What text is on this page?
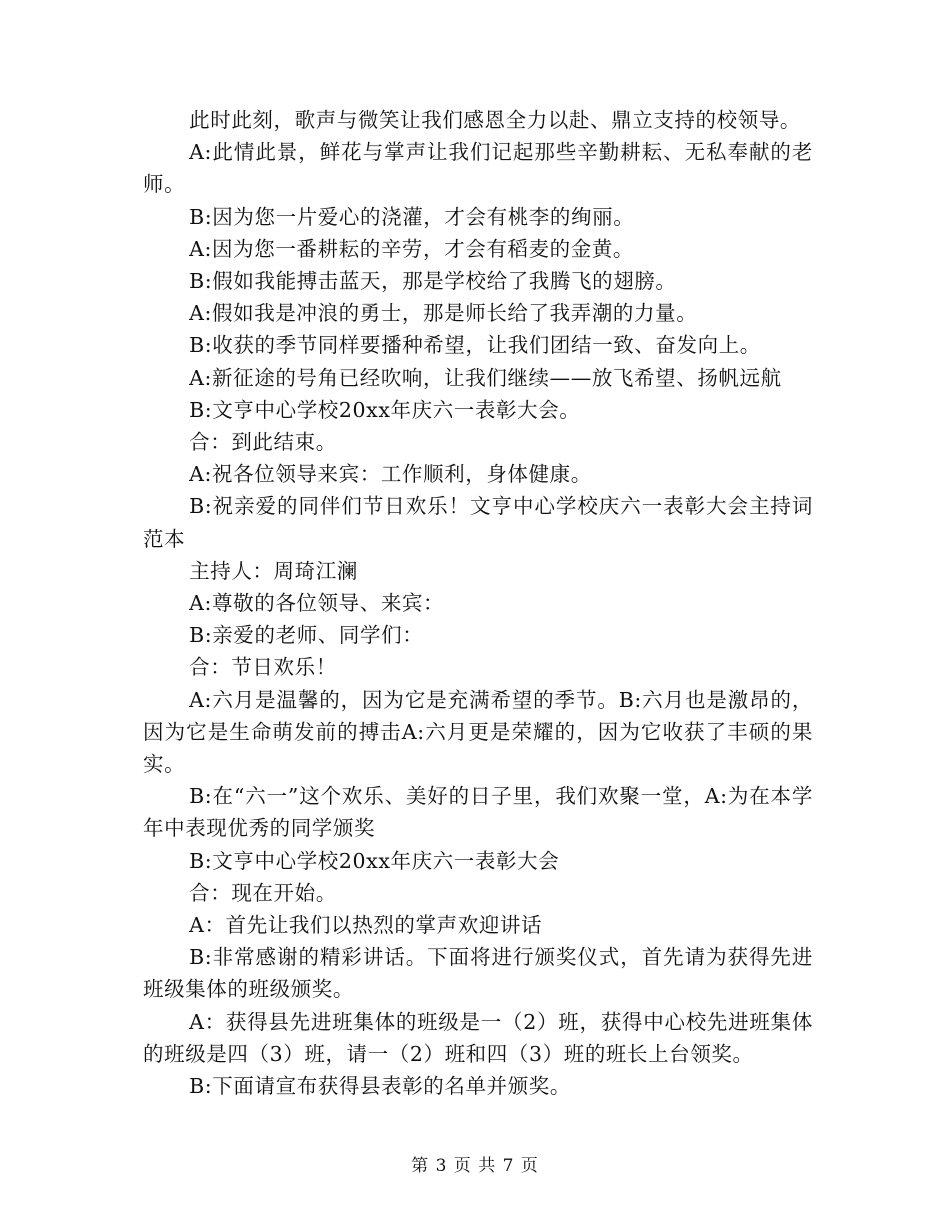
此时此刻，歌声与微笑让我们感恩全力以赴、鼎立支持的校领导。

A:此情此景，鲜花与掌声让我们记起那些辛勤耕耘、无私奉献的老师。

B:因为您一片爱心的浇灌，才会有桃李的绚丽。

A:因为您一番耕耘的辛劳，才会有稻麦的金黄。

B:假如我能搏击蓝天，那是学校给了我腾飞的翅膀。

A:假如我是冲浪的勇士，那是师长给了我弄潮的力量。

B:收获的季节同样要播种希望，让我们团结一致、奋发向上。

A:新征途的号角已经吹响，让我们继续——放飞希望、扬帆远航

B:文亨中心学校20xx年庆六一表彰大会。

合：到此结束。

A:祝各位领导来宾：工作顺利，身体健康。

B:祝亲爱的同伴们节日欢乐！文亨中心学校庆六一表彰大会主持词范本

主持人：周琦江澜

A:尊敬的各位领导、来宾：

B:亲爱的老师、同学们：

合：节日欢乐！

A:六月是温馨的，因为它是充满希望的季节。B:六月也是激昂的，因为它是生命萌发前的搏击A:六月更是荣耀的，因为它收获了丰硕的果实。

B:在“六一”这个欢乐、美好的日子里，我们欢聚一堂，A:为在本学年中表现优秀的同学颁奖

B:文亨中心学校20xx年庆六一表彰大会

合：现在开始。

A：首先让我们以热烈的掌声欢迎讲话

B:非常感谢的精彩讲话。下面将进行颁奖仪式，首先请为获得先进班级集体的班级颁奖。

A：获得县先进班集体的班级是一（2）班，获得中心校先进班集体的班级是四（3）班，请一（2）班和四（3）班的班长上台领奖。

B:下面请宣布获得县表彰的名单并颁奖。

第 3 页 共 7 页
